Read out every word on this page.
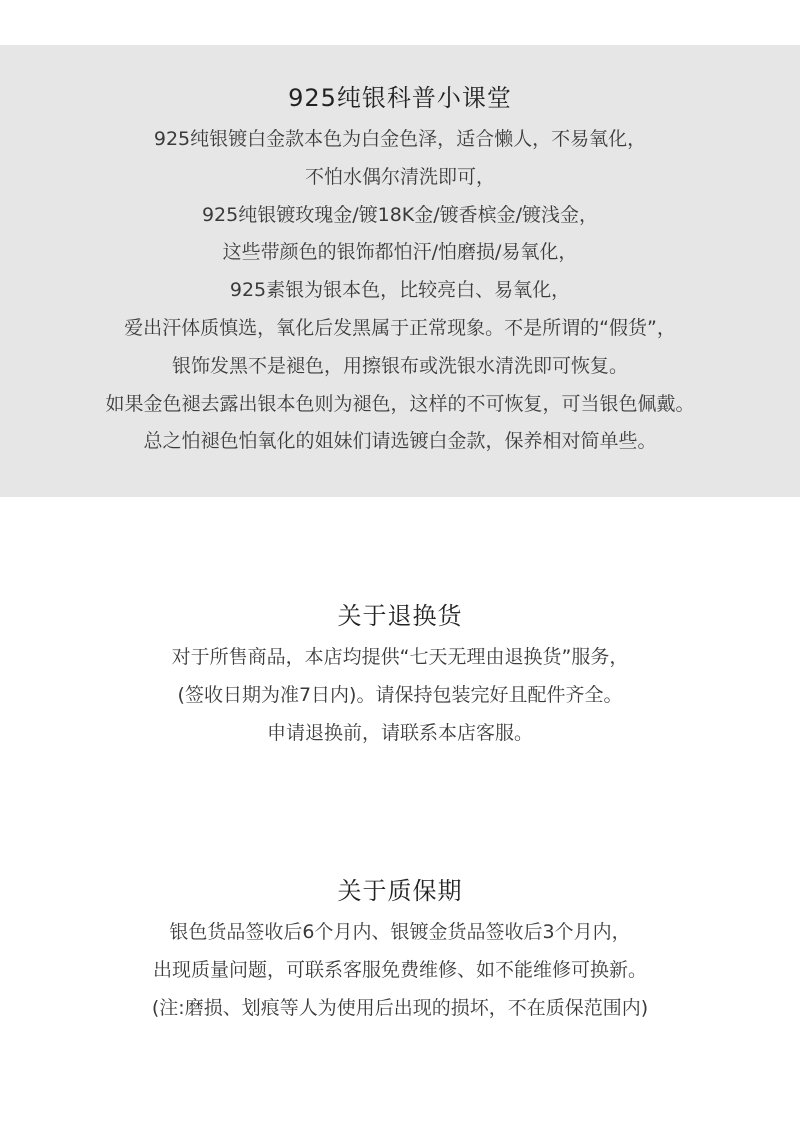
925纯银科普小课堂
925纯银镀白金款本色为白金色泽，适合懒人，不易氧化，
不怕水偶尔清洗即可，
925纯银镀玫瑰金/镀18K金/镀香槟金/镀浅金，
这些带颜色的银饰都怕汗/怕磨损/易氧化，
925素银为银本色，比较亮白、易氧化，
爱出汗体质慎选，氧化后发黑属于正常现象。不是所谓的“假货”，
银饰发黑不是褪色，用擦银布或洗银水清洗即可恢复。
如果金色褪去露出银本色则为褪色，这样的不可恢复，可当银色佩戴。
总之怕褪色怕氧化的姐妹们请选镀白金款，保养相对简单些。
关于退换货
对于所售商品，本店均提供“七天无理由退换货”服务，
(签收日期为准7日内)。请保持包装完好且配件齐全。
申请退换前，请联系本店客服。
关于质保期
银色货品签收后6个月内、银镀金货品签收后3个月内，
出现质量问题，可联系客服免费维修、如不能维修可换新。
(注:磨损、划痕等人为使用后出现的损坏，不在质保范围内)
